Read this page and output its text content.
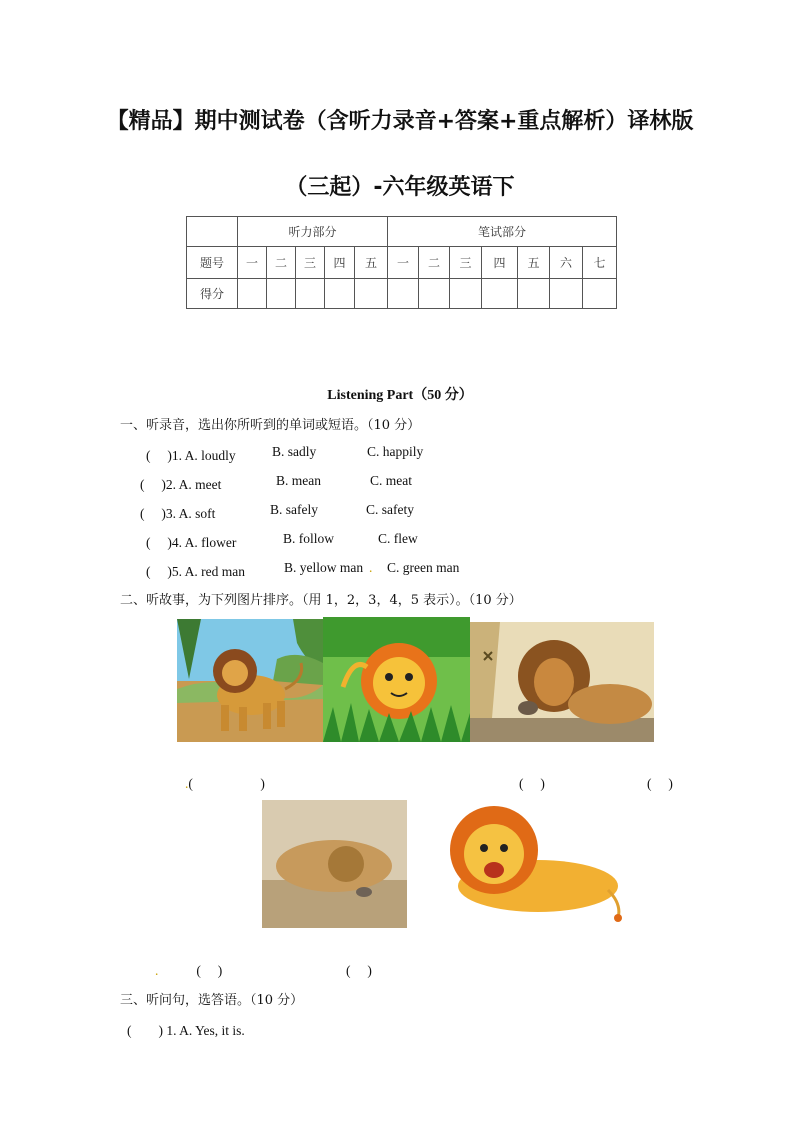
【精品】期中测试卷（含听力录音+答案+重点解析）译林版
（三起）-六年级英语下
	听力部分					笔试部分						
题号	一	二	三	四	五	一	二	三	四	五	六	七
得分												
Listening Part（50 分）
一、听录音，选出你所听到的单词或短语。（10 分）
(　 )1. A. loudly	B. sadly	C. happily
(　 )2. A. meet	B. mean	C. meat
(　 )3. A. soft	B. safely	C. safety
(　 )4. A. flower	B. follow	C. flew
(　 )5. A. red man	B. yellow man . C. green man
二、听故事，为下列图片排序。（用 1，2，3，4，5 表示）。（10 分）
.(　　　　　)	(　 )	(　 )
.	(　 )	(　 )
三、听问句，选答语。（10 分）
(　　) 1. A. Yes, it is.
